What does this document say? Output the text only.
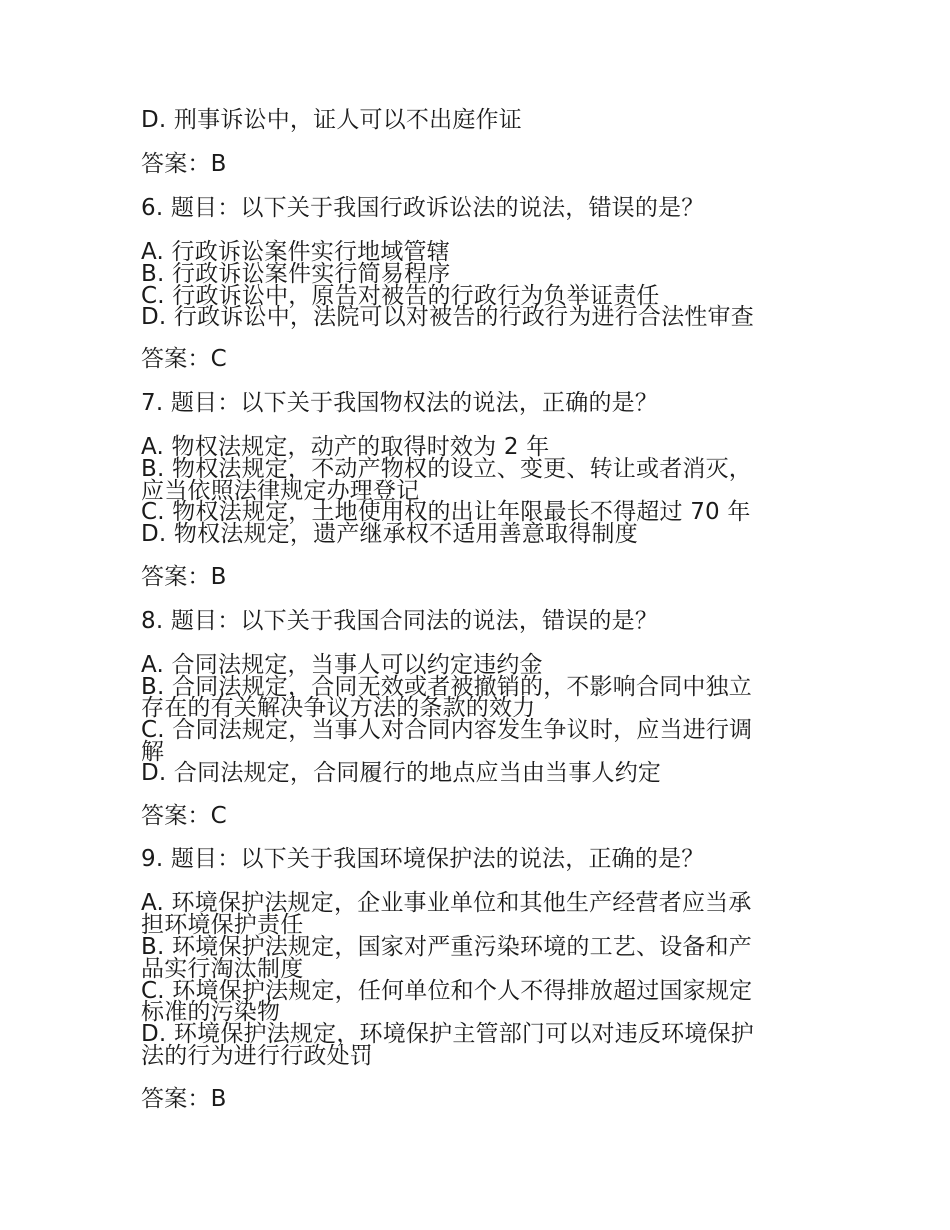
D. 刑事诉讼中，证人可以不出庭作证
答案：B
6. 题目：以下关于我国行政诉讼法的说法，错误的是？
A. 行政诉讼案件实行地域管辖
B. 行政诉讼案件实行简易程序
C. 行政诉讼中，原告对被告的行政行为负举证责任
D. 行政诉讼中，法院可以对被告的行政行为进行合法性审查
答案：C
7. 题目：以下关于我国物权法的说法，正确的是？
A. 物权法规定，动产的取得时效为 2 年
B. 物权法规定，不动产物权的设立、变更、转让或者消灭，
应当依照法律规定办理登记
C. 物权法规定，土地使用权的出让年限最长不得超过 70 年
D. 物权法规定，遗产继承权不适用善意取得制度
答案：B
8. 题目：以下关于我国合同法的说法，错误的是？
A. 合同法规定，当事人可以约定违约金
B. 合同法规定，合同无效或者被撤销的，不影响合同中独立
存在的有关解决争议方法的条款的效力
C. 合同法规定，当事人对合同内容发生争议时，应当进行调
解
D. 合同法规定，合同履行的地点应当由当事人约定
答案：C
9. 题目：以下关于我国环境保护法的说法，正确的是？
A. 环境保护法规定，企业事业单位和其他生产经营者应当承
担环境保护责任
B. 环境保护法规定，国家对严重污染环境的工艺、设备和产
品实行淘汰制度
C. 环境保护法规定，任何单位和个人不得排放超过国家规定
标准的污染物
D. 环境保护法规定，环境保护主管部门可以对违反环境保护
法的行为进行行政处罚
答案：B
